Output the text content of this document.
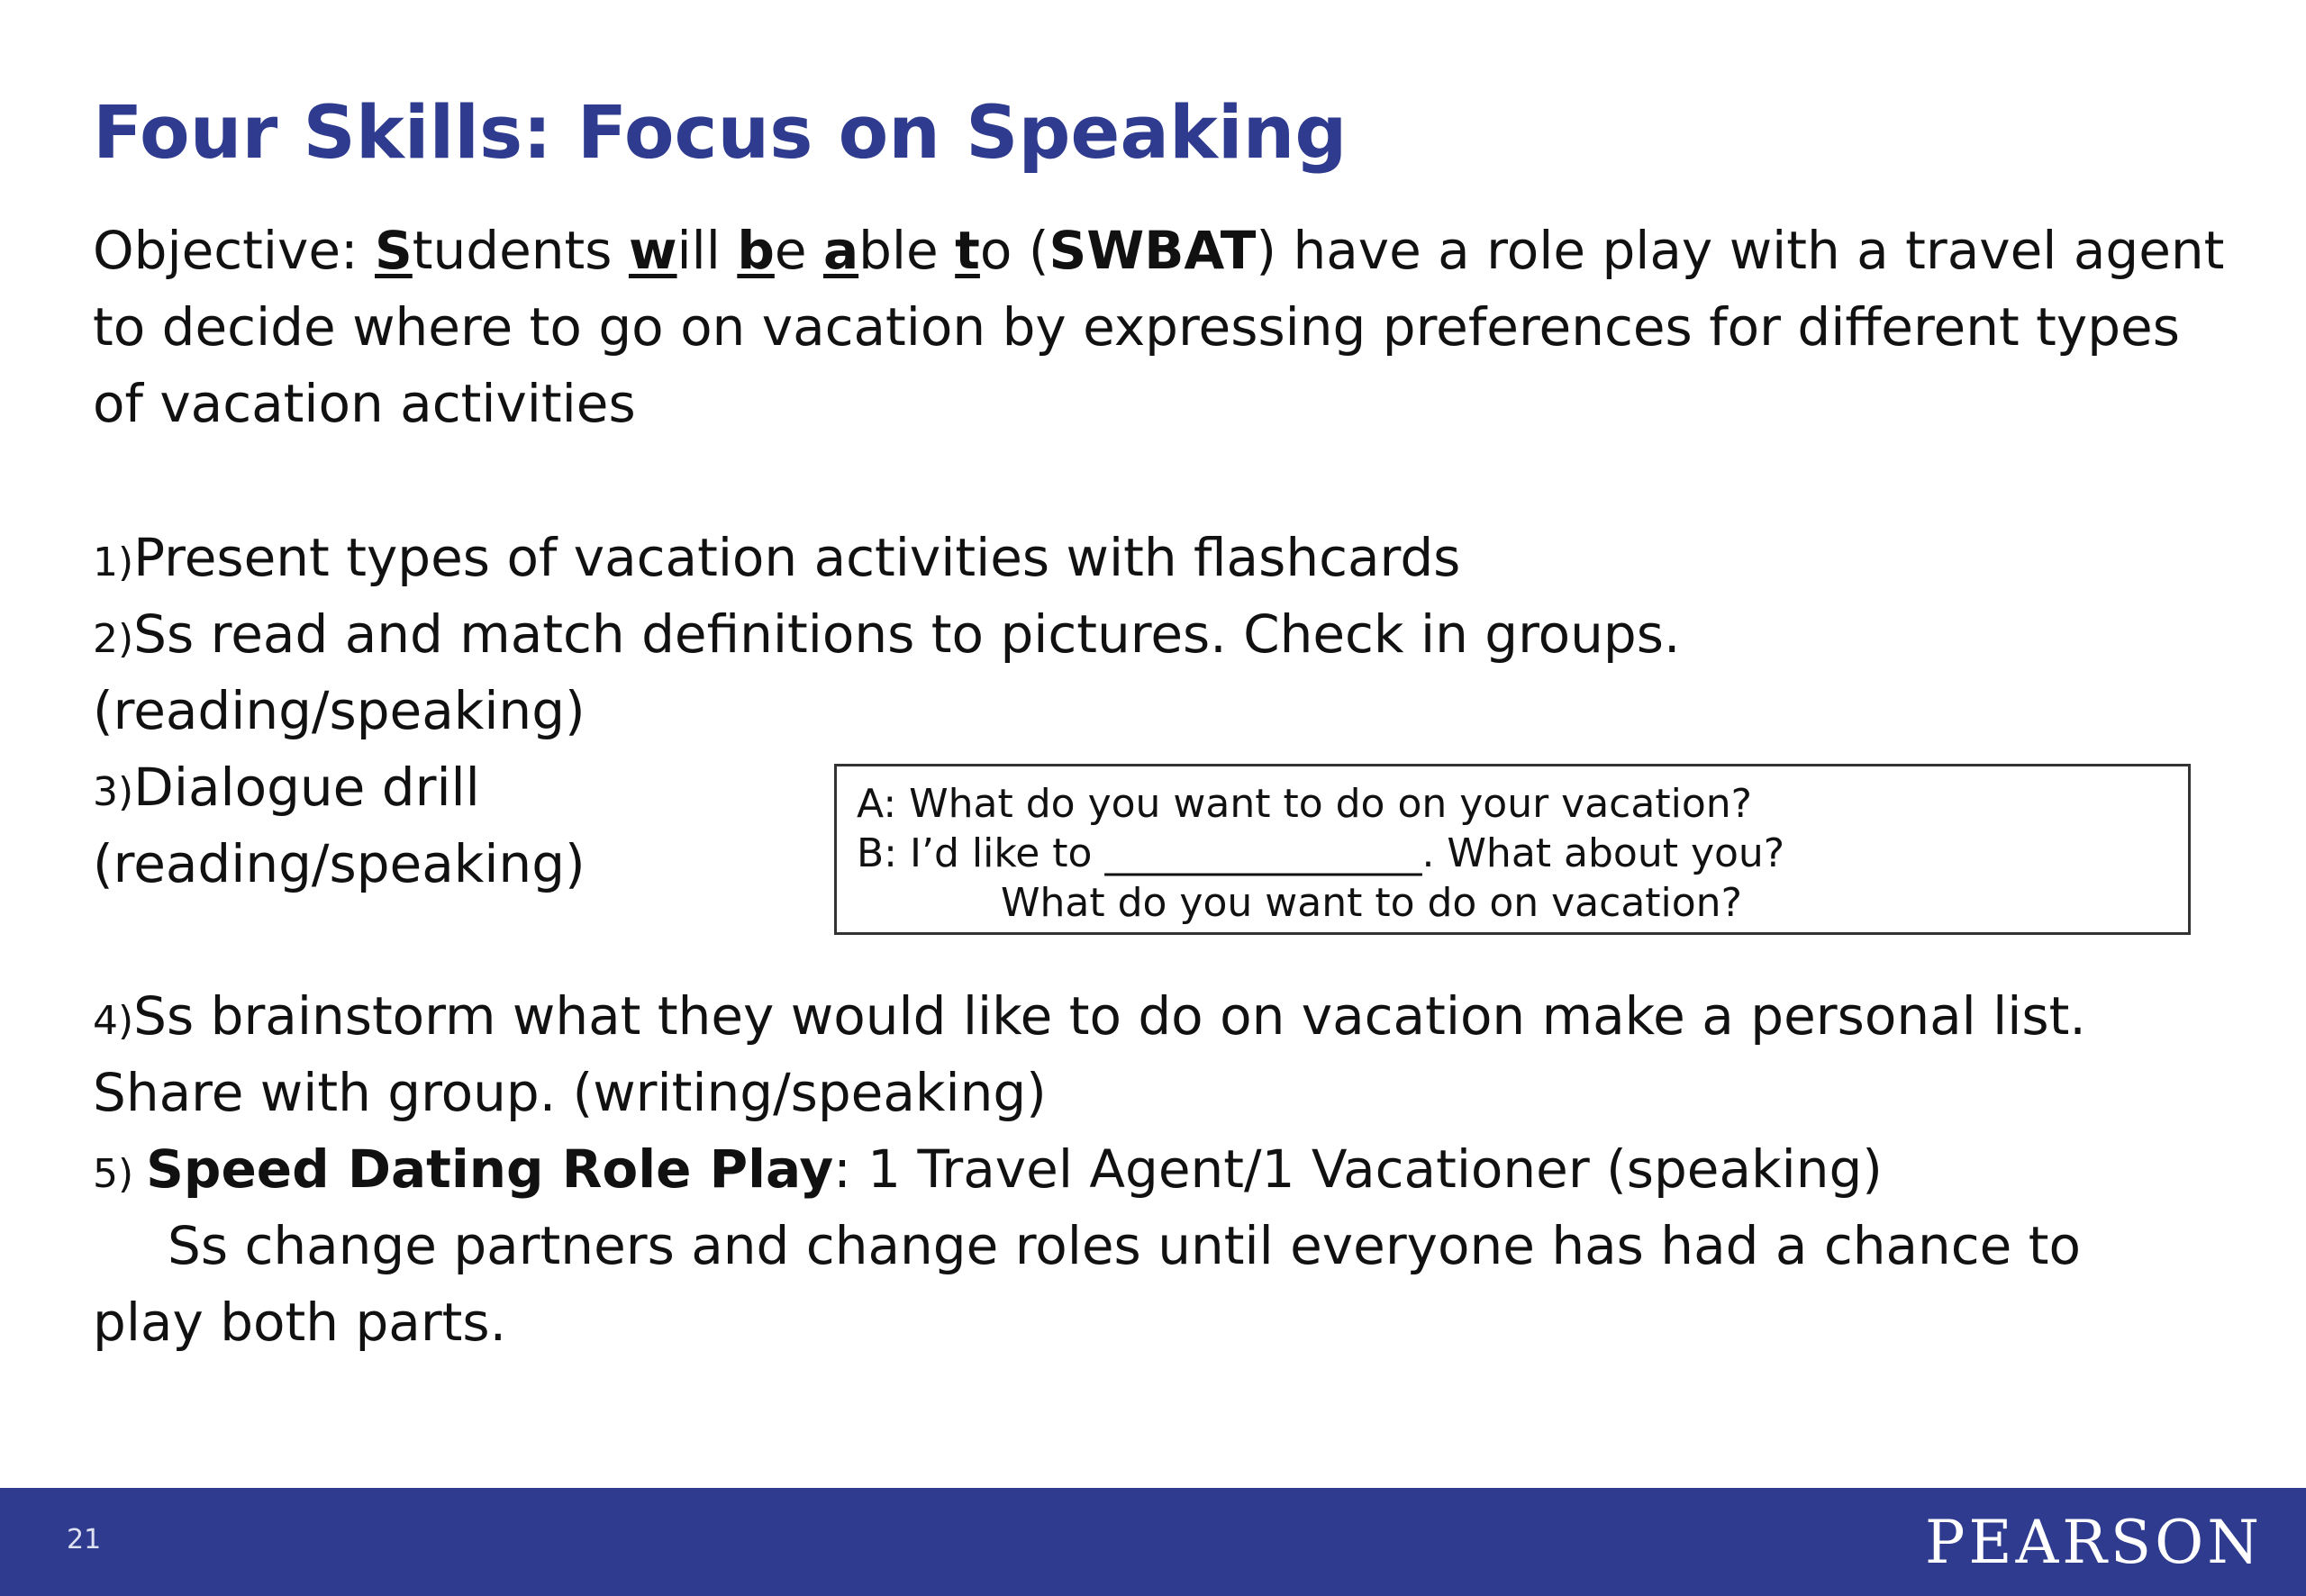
Four Skills: Focus on Speaking

Objective: Students will be able to (SWBAT) have a role play with a travel agent to decide where to go on vacation by expressing preferences for different types of vacation activities

1)Present types of vacation activities with flashcards

2)Ss read and match definitions to pictures. Check in groups.

(reading/speaking)

3)Dialogue drill

(reading/speaking)

A: What do you want to do on your vacation?
B: I’d like to ________________. What about you?
What do you want to do on vacation?

4)Ss brainstorm what they would like to do on vacation make a personal list.

Share with group. (writing/speaking)

5) Speed Dating Role Play: 1 Travel Agent/1 Vacationer (speaking)

Ss change partners and change roles until everyone has had a chance to

play both parts.

21	PEARSON
